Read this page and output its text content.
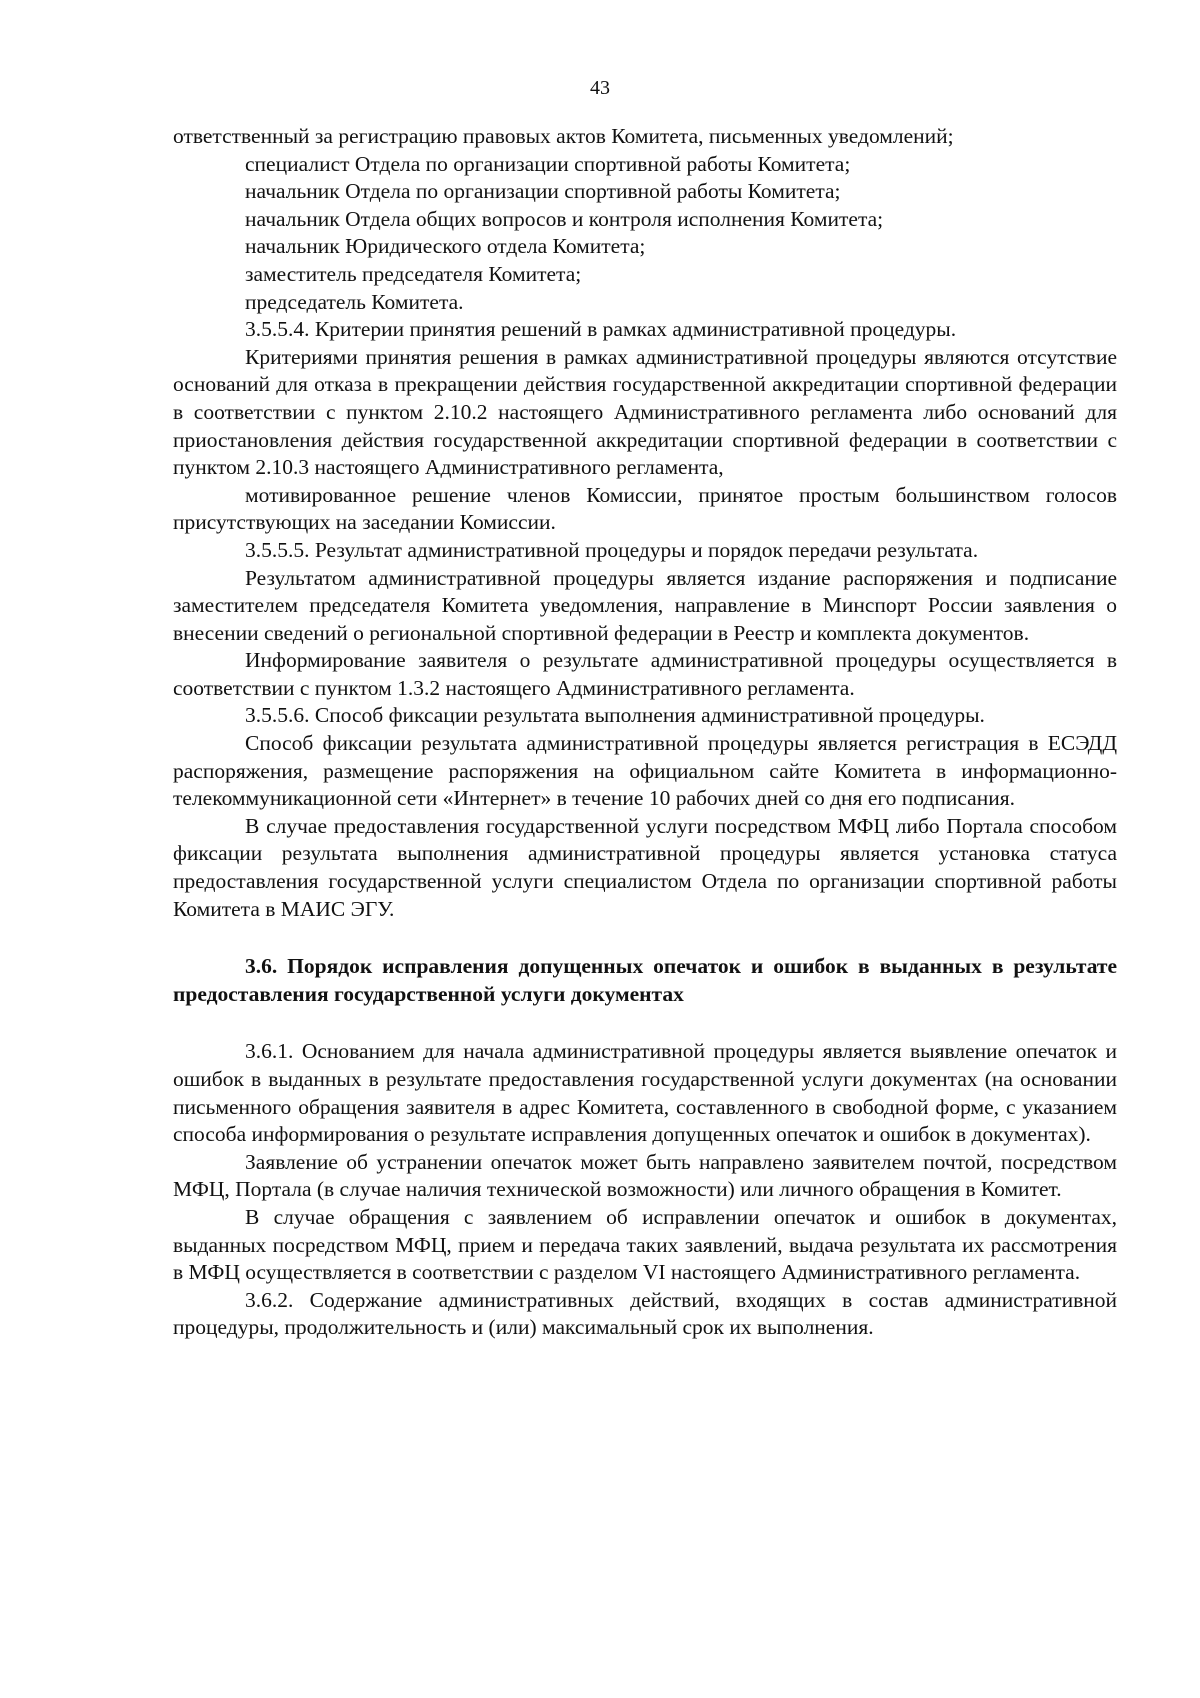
43

ответственный за регистрацию правовых актов Комитета, письменных уведомлений;

специалист Отдела по организации спортивной работы Комитета;

начальник Отдела по организации спортивной работы Комитета;

начальник Отдела общих вопросов и контроля исполнения Комитета;

начальник Юридического отдела Комитета;

заместитель председателя Комитета;

председатель Комитета.

3.5.5.4. Критерии принятия решений в рамках административной процедуры.

Критериями принятия решения в рамках административной процедуры являются отсутствие оснований для отказа в прекращении действия государственной аккредитации спортивной федерации в соответствии с пунктом 2.10.2 настоящего Административного регламента либо оснований для приостановления действия государственной аккредитации спортивной федерации в соответствии с пунктом 2.10.3 настоящего Административного регламента,

мотивированное решение членов Комиссии, принятое простым большинством голосов присутствующих на заседании Комиссии.

3.5.5.5. Результат административной процедуры и порядок передачи результата.

Результатом административной процедуры является издание распоряжения и подписание заместителем председателя Комитета уведомления, направление в Минспорт России заявления о внесении сведений о региональной спортивной федерации в Реестр и комплекта документов.

Информирование заявителя о результате административной процедуры осуществляется в соответствии с пунктом 1.3.2 настоящего Административного регламента.

3.5.5.6. Способ фиксации результата выполнения административной процедуры.

Способ фиксации результата административной процедуры является регистрация в ЕСЭДД распоряжения, размещение распоряжения на официальном сайте Комитета в информационно-телекоммуникационной сети «Интернет» в течение 10 рабочих дней со дня его подписания.

В случае предоставления государственной услуги посредством МФЦ либо Портала способом фиксации результата выполнения административной процедуры является установка статуса предоставления государственной услуги специалистом Отдела по организации спортивной работы Комитета в МАИС ЭГУ.

3.6. Порядок исправления допущенных опечаток и ошибок в выданных в результате предоставления государственной услуги документах

3.6.1. Основанием для начала административной процедуры является выявление опечаток и ошибок в выданных в результате предоставления государственной услуги документах (на основании письменного обращения заявителя в адрес Комитета, составленного в свободной форме, с указанием способа информирования о результате исправления допущенных опечаток и ошибок в документах).

Заявление об устранении опечаток может быть направлено заявителем почтой, посредством МФЦ, Портала (в случае наличия технической возможности) или личного обращения в Комитет.

В случае обращения с заявлением об исправлении опечаток и ошибок в документах, выданных посредством МФЦ, прием и передача таких заявлений, выдача результата их рассмотрения в МФЦ осуществляется в соответствии с разделом VI настоящего Административного регламента.

3.6.2. Содержание административных действий, входящих в состав административной процедуры, продолжительность и (или) максимальный срок их выполнения.
